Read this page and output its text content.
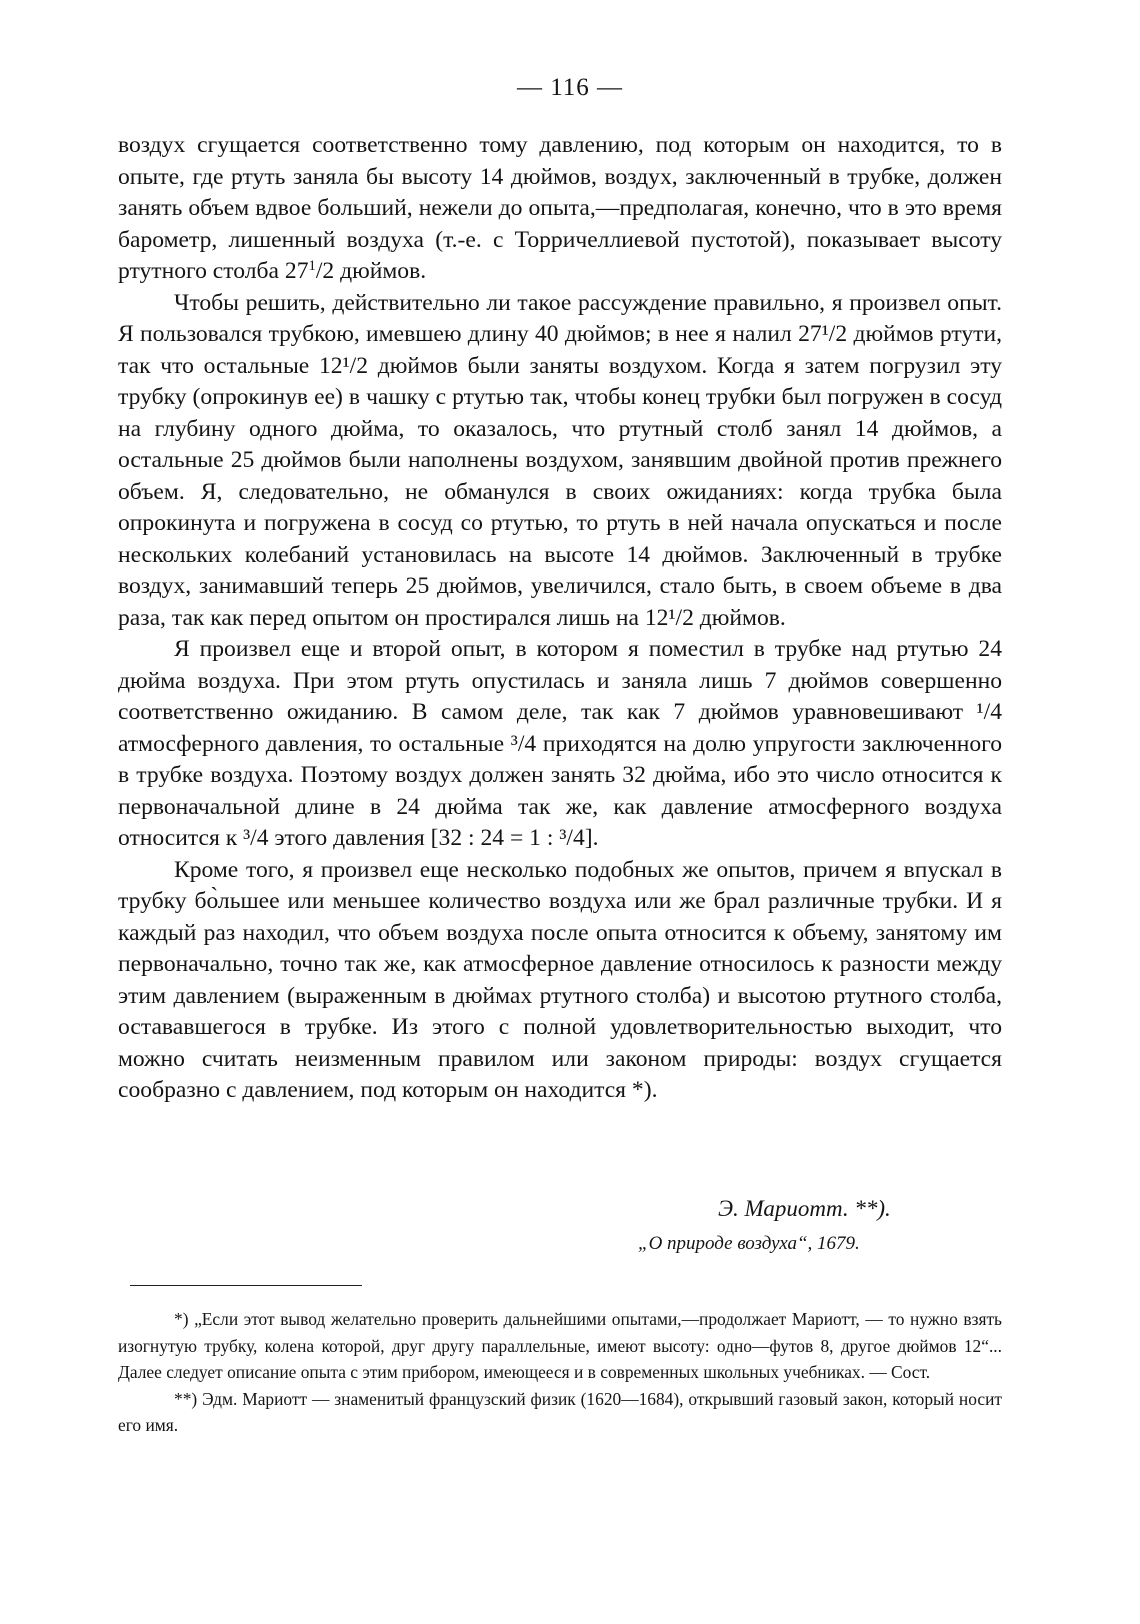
— 116 —

воздух сгущается соответственно тому давлению, под которым он находится, то в опыте, где ртуть заняла бы высоту 14 дюймов, воздух, заключенный в трубке, должен занять объем вдвое больший, нежели до опыта,—предполагая, конечно, что в это время барометр, лишенный воздуха (т.-е. с Торричеллиевой пустотой), показывает высоту ртутного столба $27^1/2$ дюймов.

Чтобы решить, действительно ли такое рассуждение правильно, я произвел опыт. Я пользовался трубкою, имевшею длину 40 дюймов; в нее я налил 27¹/2 дюймов ртути, так что остальные 12¹/2 дюймов были заняты воздухом. Когда я затем погрузил эту трубку (опрокинув ее) в чашку с ртутью так, чтобы конец трубки был погружен в сосуд на глубину одного дюйма, то оказалось, что ртутный столб занял 14 дюймов, а остальные 25 дюймов были наполнены воздухом, занявшим двойной против прежнего объем. Я, следовательно, не обманулся в своих ожиданиях: когда трубка была опрокинута и погружена в сосуд со ртутью, то ртуть в ней начала опускаться и после нескольких колебаний установилась на высоте 14 дюймов. Заключенный в трубке воздух, занимавший теперь 25 дюймов, увеличился, стало быть, в своем объеме в два раза, так как перед опытом он простирался лишь на 12¹/2 дюймов.

Я произвел еще и второй опыт, в котором я поместил в трубке над ртутью 24 дюйма воздуха. При этом ртуть опустилась и заняла лишь 7 дюймов совершенно соответственно ожиданию. В самом деле, так как 7 дюймов уравновешивают ¹/4 атмосферного давления, то остальные ³/4 приходятся на долю упругости заключенного в трубке воздуха. Поэтому воздух должен занять 32 дюйма, ибо это число относится к первоначальной длине в 24 дюйма так же, как давление атмосферного воздуха относится к ³/4 этого давления [32 : 24 = 1 : ³/4].

Кроме того, я произвел еще несколько подобных же опытов, причем я впускал в трубку бо̀льшее или меньшее количество воздуха или же брал различные трубки. И я каждый раз находил, что объем воздуха после опыта относится к объему, занятому им первоначально, точно так же, как атмосферное давление относилось к разности между этим давлением (выраженным в дюймах ртутного столба) и высотою ртутного столба, остававшегося в трубке. Из этого с полной удовлетворительностью выходит, что можно считать неизменным правилом или законом природы: воздух сгущается сообразно с давлением, под которым он находится *).

Э. Мариотт. **).
„О природе воздуха“, 1679.

*) „Если этот вывод желательно проверить дальнейшими опытами,—продолжает Мариотт, — то нужно взять изогнутую трубку, колена которой, друг другу параллельные, имеют высоту: одно—футов 8, другое дюймов 12“... Далее следует описание опыта с этим прибором, имеющееся и в современных школьных учебниках. — Сост.

**) Эдм. Мариотт — знаменитый французский физик (1620—1684), открывший газовый закон, который носит его имя.
